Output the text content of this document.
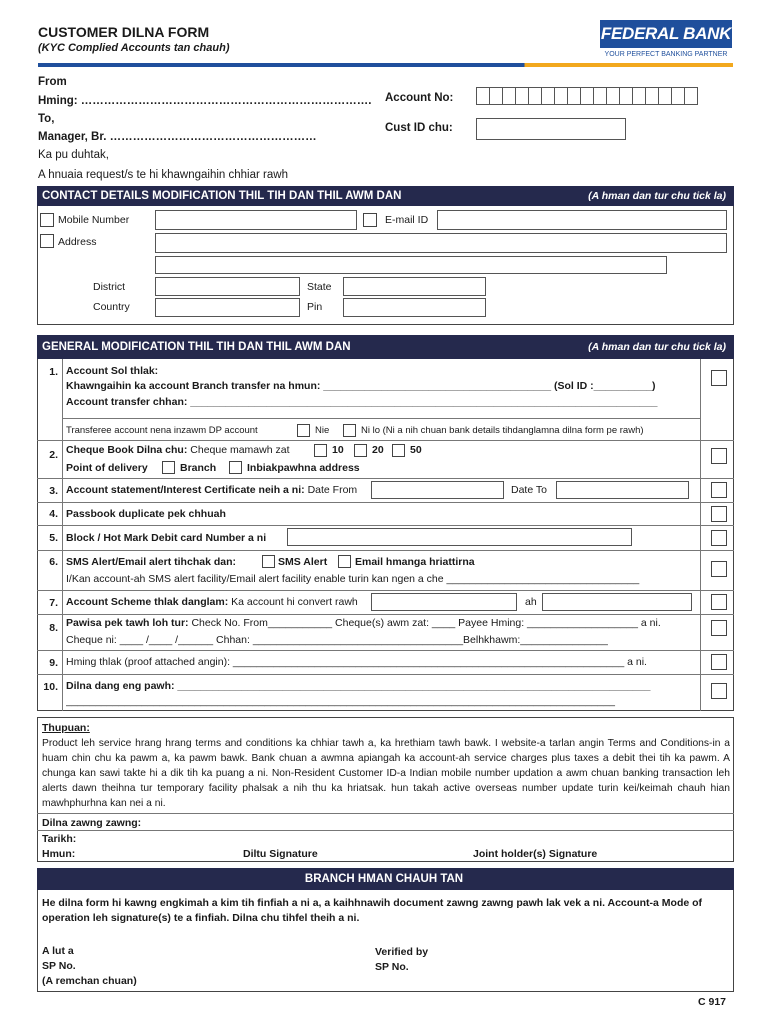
CUSTOMER DILNA FORM
(KYC Complied Accounts tan chauh)
FEDERAL BANK
YOUR PERFECT BANKING PARTNER
From
Hming: ………………………………………………………………….
To,
Manager, Br. ………………………………………………
Ka pu duhtak,
A hnuaia request/s te hi khawngaihin chhiar rawh
Account No:
Cust ID chu:
CONTACT DETAILS MODIFICATION THIL TIH DAN THIL AWM DAN	(A hman dan tur chu tick la)
Mobile Number	E-mail ID
Address
District	State
Country	Pin
GENERAL MODIFICATION THIL TIH DAN THIL AWM DAN	(A hman dan tur chu tick la)
1. Account Sol thlak:
Khawngaihin ka account Branch transfer na hmun: _______________________________________ (Sol ID :__________)
Account transfer chhan: ________________________________________________________________________________
Transferee account nena inzawm DP account	Nie	Ni lo (Ni a nih chuan bank details tihdanglamna dilna form pe rawh)
2. Cheque Book Dilna chu: Cheque mamawh zat	10	20	50
Point of delivery	Branch	Inbiakpawhna address
3. Account statement/Interest Certificate neih a ni: Date From	Date To
4. Passbook duplicate pek chhuah
5. Block / Hot Mark Debit card Number a ni
6. SMS Alert/Email alert tihchak dan:	SMS Alert	Email hmanga hriattirna
I/Kan account-ah SMS alert facility/Email alert facility enable turin kan ngen a che _________________________________
7. Account Scheme thlak danglam: Ka account hi convert rawh	ah
8. Pawisa pek tawh loh tur: Check No. From___________ Cheque(s) awm zat: ____ Payee Hming: ___________________ a ni.
Cheque ni: ____ /____ /______ Chhan: ____________________________________Belhkhawm:_______________
9. Hming thlak (proof attached angin): ___________________________________________________________________ a ni.
10. Dilna dang eng pawh: _________________________________________________________________________________
______________________________________________________________________________________________
Thupuan:
Product leh service hrang hrang terms and conditions ka chhiar tawh a, ka hrethiam tawh bawk. I website-a tarlan angin Terms and Conditions-in a huam chin chu ka pawm a, ka pawm bawk. Bank chuan a awmna apiangah ka account-ah service charges plus taxes a debit thei tih ka pawm. A chunga kan sawi takte hi a dik tih ka puang a ni. Non-Resident Customer ID-a Indian mobile number updation a awm chuan banking transaction leh alerts dawn theihna tur temporary facility phalsak a nih thu ka hriatsak. hun takah active overseas number update turin kei/keimah chauh hian mawhphurhna kan nei a ni.
Dilna zawng zawng:
Tarikh:
Hmun:	Diltu Signature	Joint holder(s) Signature
BRANCH HMAN CHAUH TAN
He dilna form hi kawng engkimah a kim tih finfiah a ni a, a kaihhnawih document zawng zawng pawh lak vek a ni. Account-a Mode of operation leh signature(s) te a finfiah. Dilna chu tihfel theih a ni.
A lut a
SP No.
(A remchan chuan)
Verified by
SP No.
C 917
